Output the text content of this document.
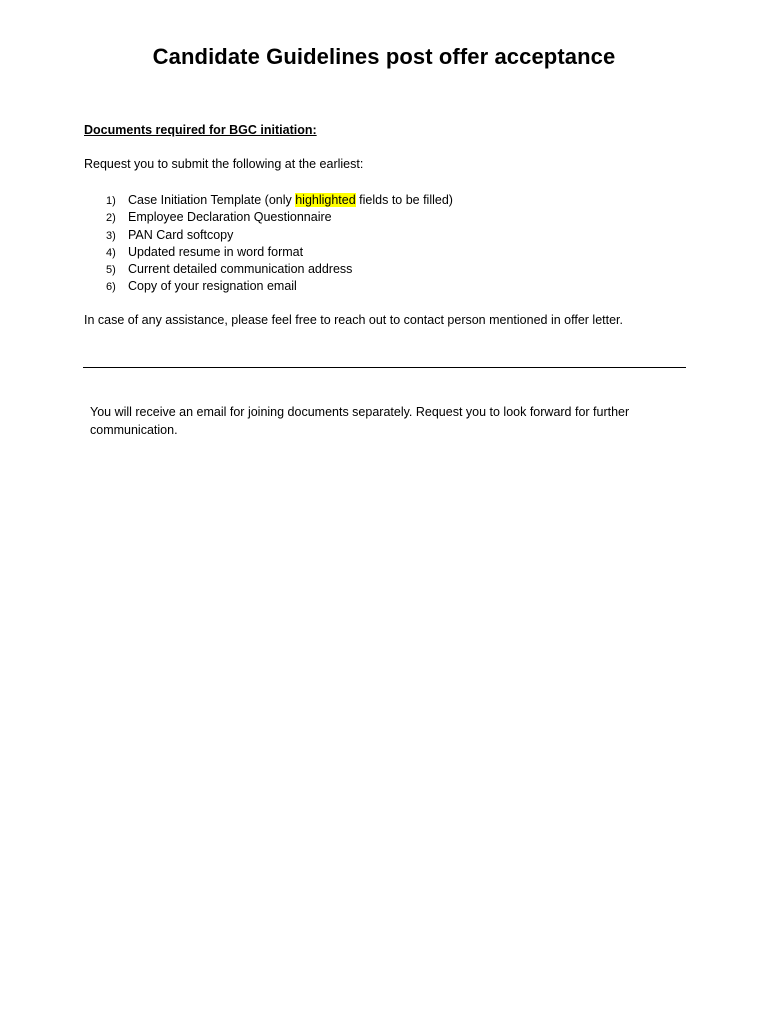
Candidate Guidelines post offer acceptance
Documents required for BGC initiation:
Request you to submit the following at the earliest:
1) Case Initiation Template (only highlighted fields to be filled)
2) Employee Declaration Questionnaire
3) PAN Card softcopy
4) Updated resume in word format
5) Current detailed communication address
6) Copy of your resignation email
In case of any assistance, please feel free to reach out to contact person mentioned in offer letter.
You will receive an email for joining documents separately. Request you to look forward for further communication.
